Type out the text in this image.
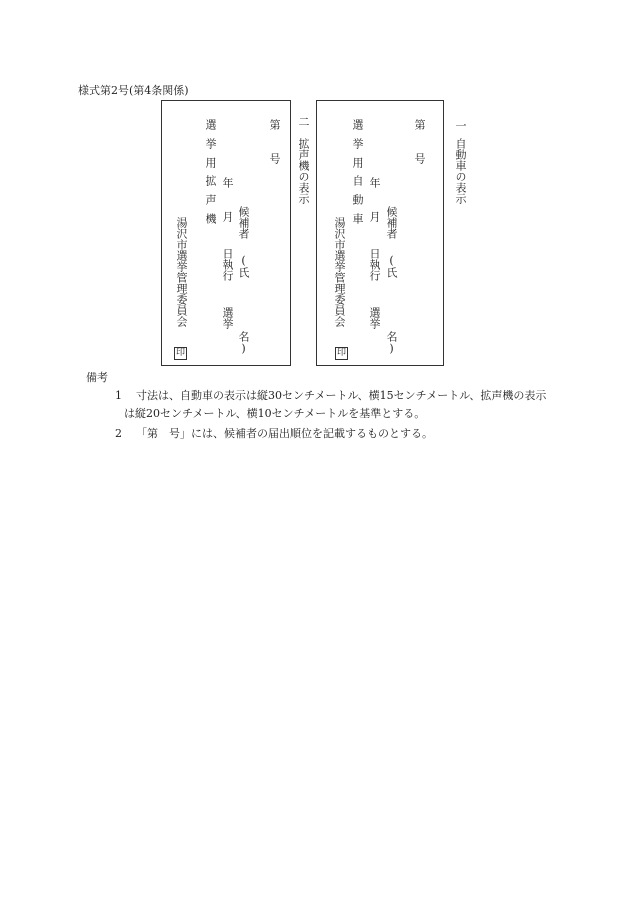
様式第2号(第4条関係)
一
自動車の表示
第
号
選挙用
自動車 年
月
日執行
選挙
候補者
(氏
名)
湯沢市選挙管理委員会
印
二
拡声機の表示
第
号
選挙用
拡声機 年
月
日執行
選挙
候補者
(氏
名)
湯沢市選挙管理委員会
印
備考
1 寸法は、自動車の表示は縦30センチメートル、横15センチメートル、拡声機の表示
は縦20センチメートル、横10センチメートルを基準とする。
2 「第　号」には、候補者の届出順位を記載するものとする。
